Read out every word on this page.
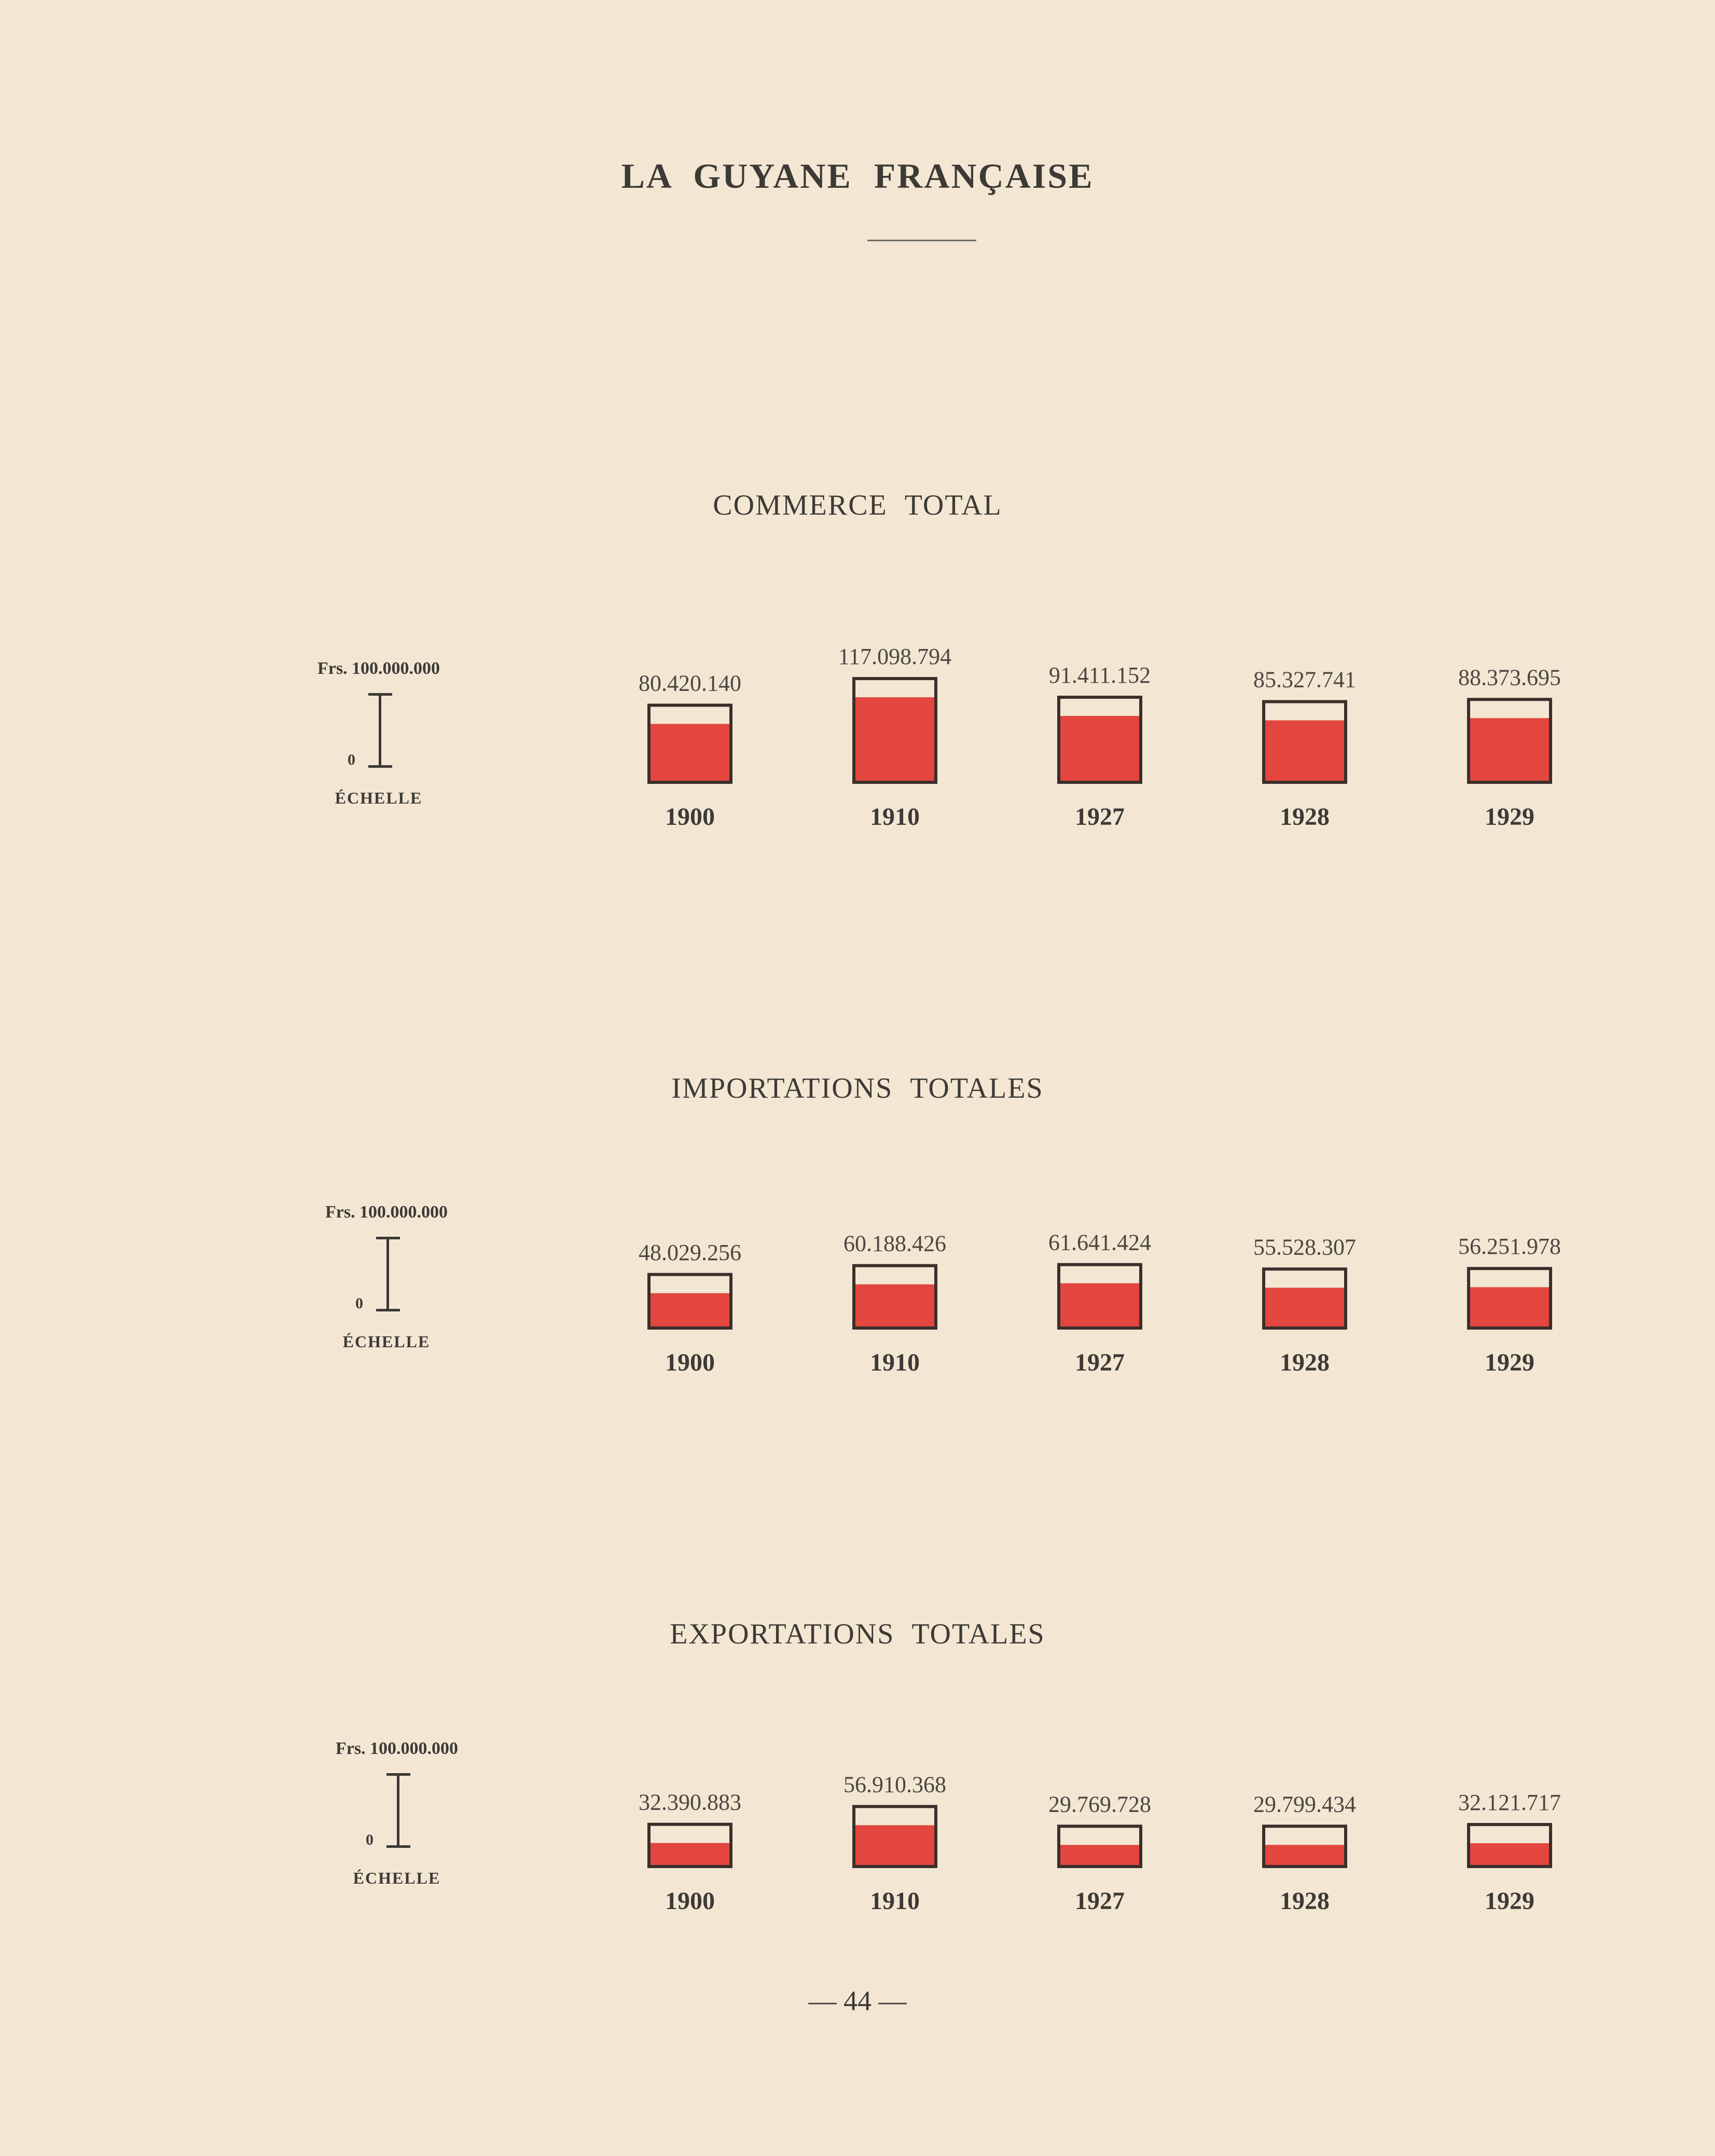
LA GUYANE FRANÇAISE
COMMERCE TOTAL
Frs. 100.000.000
0
ÉCHELLE
IMPORTATIONS TOTALES
Frs. 100.000.000
0
ÉCHELLE
EXPORTATIONS TOTALES
Frs. 100.000.000
0
ÉCHELLE
80.420.140
1900
117.098.794
1910
91.411.152
1927
85.327.741
1928
88.373.695
1929
48.029.256
1900
60.188.426
1910
61.641.424
1927
55.528.307
1928
56.251.978
1929
32.390.883
1900
56.910.368
1910
29.769.728
1927
29.799.434
1928
32.121.717
1929
— 44 —
